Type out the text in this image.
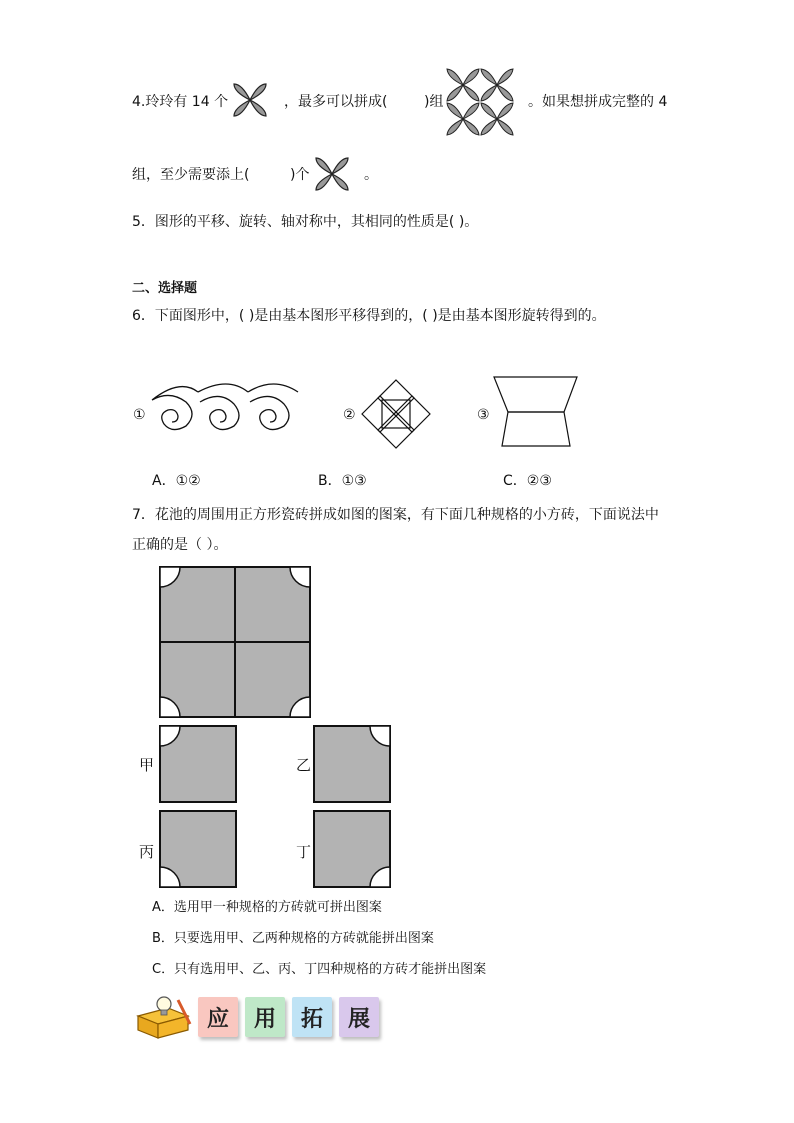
4.玲玲有 14 个	，最多可以拼成(	)组	。如果想拼成完整的 4
组，至少需要添上(	)个	。
5．图形的平移、旋转、轴对称中，其相同的性质是( )。
二、选择题
6．下面图形中，( )是由基本图形平移得到的，( )是由基本图形旋转得到的。
①	②	③
A．①②	B．①③	C．②③
7．花池的周围用正方形瓷砖拼成如图的图案，有下面几种规格的小方砖，下面说法中
正确的是（ ）。
甲	乙
丙	丁
A．选用甲一种规格的方砖就可拼出图案
B．只要选用甲、乙两种规格的方砖就能拼出图案
C．只有选用甲、乙、丙、丁四种规格的方砖才能拼出图案
应	用	拓	展
